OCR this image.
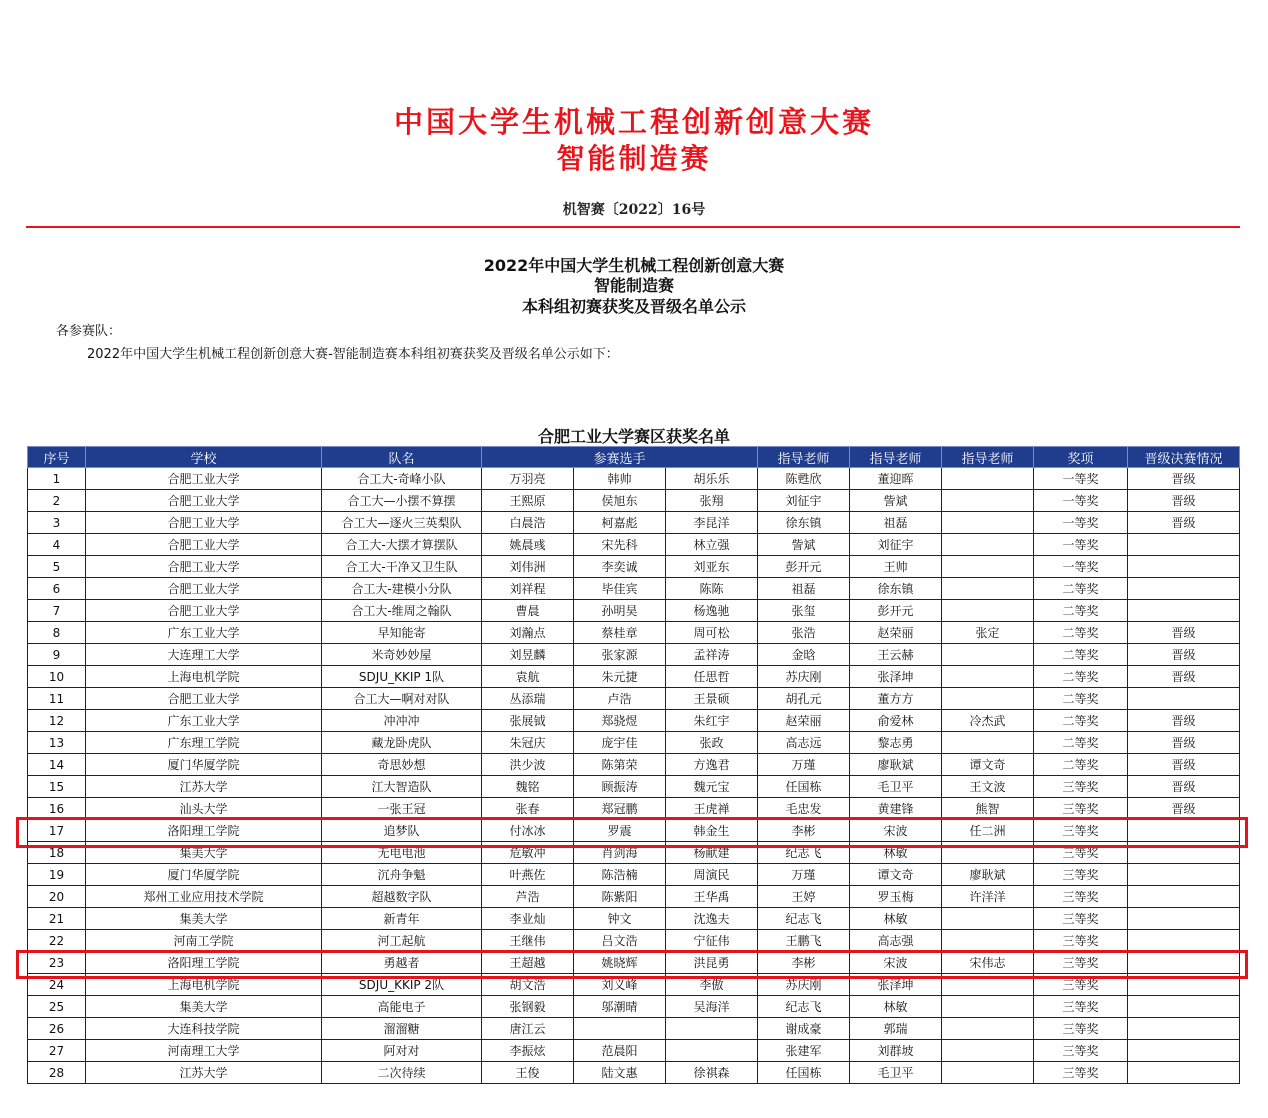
中国大学生机械工程创新创意大赛
智能制造赛
机智赛〔2022〕16号
2022年中国大学生机械工程创新创意大赛
智能制造赛
本科组初赛获奖及晋级名单公示
各参赛队：
2022年中国大学生机械工程创新创意大赛-智能制造赛本科组初赛获奖及晋级名单公示如下：
合肥工业大学赛区获奖名单
序号	学校	队名	参赛选手			指导老师	指导老师	指导老师	奖项	晋级决赛情况
1	合肥工业大学	合工大-奇峰小队	万羽亮	韩帅	胡乐乐	陈甦欣	董迎晖		一等奖	晋级
2	合肥工业大学	合工大—小摆不算摆	王熙原	侯旭东	张翔	刘征宇	訾斌		一等奖	晋级
3	合肥工业大学	合工大—逐火三英梨队	白晨浩	柯嘉彪	李昆洋	徐东镇	祖磊		一等奖	晋级
4	合肥工业大学	合工大-大摆才算摆队	姚晨彧	宋先科	林立强	訾斌	刘征宇		一等奖	
5	合肥工业大学	合工大-干净又卫生队	刘伟洲	李奕诚	刘亚东	彭开元	王帅		一等奖	
6	合肥工业大学	合工大-建模小分队	刘祥程	毕佳宾	陈陈	祖磊	徐东镇		二等奖	
7	合肥工业大学	合工大-维周之翰队	曹晨	孙明昊	杨逸驰	张玺	彭开元		二等奖	
8	广东工业大学	早知能寄	刘瀚点	蔡桂章	周可松	张浩	赵荣丽	张定	二等奖	晋级
9	大连理工大学	米奇妙妙屋	刘昱麟	张家源	孟祥涛	金晗	王云赫		二等奖	晋级
10	上海电机学院	SDJU_KKIP 1队	袁航	朱元捷	任思哲	苏庆刚	张泽坤		二等奖	晋级
11	合肥工业大学	合工大—啊对对队	丛添瑞	卢浩	王景硕	胡孔元	董方方		二等奖	
12	广东工业大学	冲冲冲	张展钺	郑骁煜	朱红宇	赵荣丽	俞爱林	冷杰武	二等奖	晋级
13	广东理工学院	藏龙卧虎队	朱冠庆	庞宇佳	张政	高志远	黎志勇		二等奖	晋级
14	厦门华厦学院	奇思妙想	洪少波	陈第荣	方逸君	万瑾	廖耿斌	谭文奇	二等奖	晋级
15	江苏大学	江大智造队	魏铭	顾振涛	魏元宝	任国栋	毛卫平	王文波	三等奖	晋级
16	汕头大学	一张王冠	张春	郑冠鹏	王虎禅	毛忠发	黄建锋	熊智	三等奖	晋级
17	洛阳理工学院	追梦队	付冰冰	罗震	韩金生	李彬	宋波	任二洲	三等奖	
18	集美大学	无电电池	危敏冲	肖剑海	杨献建	纪志飞	林敏		三等奖	
19	厦门华厦学院	沉舟争魁	叶燕佐	陈浩楠	周演民	万瑾	谭文奇	廖耿斌	三等奖	
20	郑州工业应用技术学院	超越数字队	芦浩	陈紫阳	王华禹	王婷	罗玉梅	许洋洋	三等奖	
21	集美大学	新青年	李业灿	钟文	沈逸夫	纪志飞	林敏		三等奖	
22	河南工学院	河工起航	王继伟	吕文浩	宁征伟	王鹏飞	高志强		三等奖	
23	洛阳理工学院	勇越者	王超越	姚晓辉	洪昆勇	李彬	宋波	宋伟志	三等奖	
24	上海电机学院	SDJU_KKIP 2队	胡文浩	刘义峰	李傲	苏庆刚	张泽坤		三等奖	
25	集美大学	高能电子	张钢毅	邬潮晴	吴海洋	纪志飞	林敏		三等奖	
26	大连科技学院	溜溜糖	唐江云			谢成豪	郭瑞		三等奖	
27	河南理工大学	阿对对	李振炫	范晨阳		张建军	刘群坡		三等奖	
28	江苏大学	二次待续	王俊	陆文惠	徐祺森	任国栋	毛卫平		三等奖	
